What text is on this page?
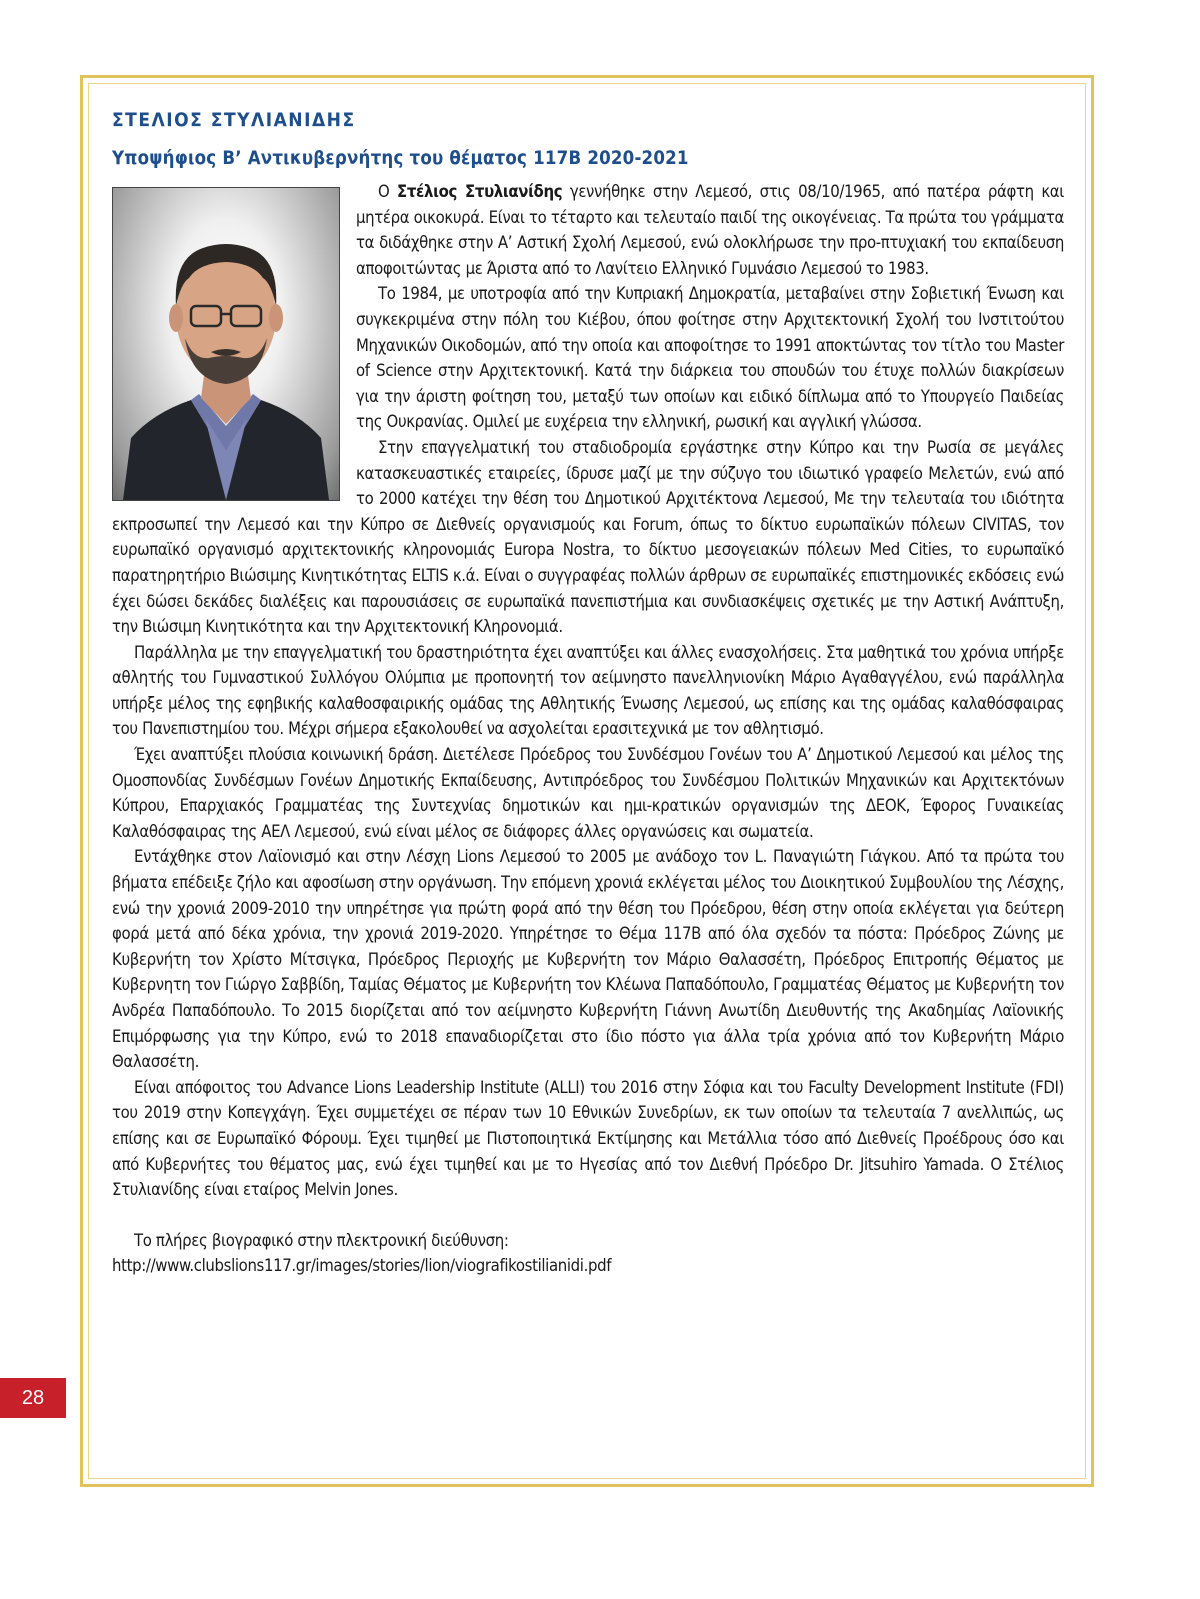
ΣΤΕΛΙΟΣ ΣΤΥΛΙΑΝΙΔΗΣ
Υποψήφιος Β’ Αντικυβερνήτης του θέματος 117Β 2020-2021

Ο Στέλιος Στυλιανίδης γεννήθηκε στην Λεμεσό, στις 08/10/1965, από πατέρα ράφτη και μητέρα οικοκυρά. Είναι το τέταρτο και τελευταίο παιδί της οικογένειας. Τα πρώτα του γράμματα τα διδάχθηκε στην Α’ Αστική Σχολή Λεμεσού, ενώ ολοκλήρωσε την προ-πτυχιακή του εκπαίδευση αποφοιτώντας με Άριστα από το Λανίτειο Ελληνικό Γυμνάσιο Λεμεσού το 1983.

Το 1984, με υποτροφία από την Κυπριακή Δημοκρατία, μεταβαίνει στην Σοβιετική Ένωση και συγκεκριμένα στην πόλη του Κιέβου, όπου φοίτησε στην Αρχιτεκτονική Σχολή του Ινστιτούτου Μηχανικών Οικοδομών, από την οποία και αποφοίτησε το 1991 αποκτώντας τον τίτλο του Master of Science στην Αρχιτεκτονική. Κατά την διάρκεια του σπουδών του έτυχε πολλών διακρίσεων για την άριστη φοίτηση του, μεταξύ των οποίων και ειδικό δίπλωμα από το Υπουργείο Παιδείας της Ουκρανίας. Ομιλεί με ευχέρεια την ελληνική, ρωσική και αγγλική γλώσσα.

Στην επαγγελματική του σταδιοδρομία εργάστηκε στην Κύπρο και την Ρωσία σε μεγάλες κατασκευαστικές εταιρείες, ίδρυσε μαζί με την σύζυγο του ιδιωτικό γραφείο Μελετών, ενώ από το 2000 κατέχει την θέση του Δημοτικού Αρχιτέκτονα Λεμεσού, Με την τελευταία του ιδιότητα εκπροσωπεί την Λεμεσό και την Κύπρο σε Διεθνείς οργανισμούς και Forum, όπως το δίκτυο ευρωπαϊκών πόλεων CIVITAS, τον ευρωπαϊκό οργανισμό αρχιτεκτονικής κληρονομιάς Europa Nostra, το δίκτυο μεσογειακών πόλεων Med Cities, το ευρωπαϊκό παρατηρητήριο Βιώσιμης Κινητικότητας ELTIS κ.ά. Είναι ο συγγραφέας πολλών άρθρων σε ευρωπαϊκές επιστημονικές εκδόσεις ενώ έχει δώσει δεκάδες διαλέξεις και παρουσιάσεις σε ευρωπαϊκά πανεπιστήμια και συνδιασκέψεις σχετικές με την Αστική Ανάπτυξη, την Βιώσιμη Κινητικότητα και την Αρχιτεκτονική Κληρονομιά.

Παράλληλα με την επαγγελματική του δραστηριότητα έχει αναπτύξει και άλλες ενασχολήσεις. Στα μαθητικά του χρόνια υπήρξε αθλητής του Γυμναστικού Συλλόγου Ολύμπια με προπονητή τον αείμνηστο πανελληνιονίκη Μάριο Αγαθαγγέλου, ενώ παράλληλα υπήρξε μέλος της εφηβικής καλαθοσφαιρικής ομάδας της Αθλητικής Ένωσης Λεμεσού, ως επίσης και της ομάδας καλαθόσφαιρας του Πανεπιστημίου του. Μέχρι σήμερα εξακολουθεί να ασχολείται ερασιτεχνικά με τον αθλητισμό.

Έχει αναπτύξει πλούσια κοινωνική δράση. Διετέλεσε Πρόεδρος του Συνδέσμου Γονέων του Α’ Δημοτικού Λεμεσού και μέλος της Ομοσπονδίας Συνδέσμων Γονέων Δημοτικής Εκπαίδευσης, Αντιπρόεδρος του Συνδέσμου Πολιτικών Μηχανικών και Αρχιτεκτόνων Κύπρου, Επαρχιακός Γραμματέας της Συντεχνίας δημοτικών και ημι-κρατικών οργανισμών της ΔΕΟΚ, Έφορος Γυναικείας Καλαθόσφαιρας της ΑΕΛ Λεμεσού, ενώ είναι μέλος σε διάφορες άλλες οργανώσεις και σωματεία.

Εντάχθηκε στον Λαϊονισμό και στην Λέσχη Lions Λεμεσού το 2005 με ανάδοχο τον L. Παναγιώτη Γιάγκου. Από τα πρώτα του βήματα επέδειξε ζήλο και αφοσίωση στην οργάνωση. Την επόμενη χρονιά εκλέγεται μέλος του Διοικητικού Συμβουλίου της Λέσχης, ενώ την χρονιά 2009-2010 την υπηρέτησε για πρώτη φορά από την θέση του Πρόεδρου, θέση στην οποία εκλέγεται για δεύτερη φορά μετά από δέκα χρόνια, την χρονιά 2019-2020. Υπηρέτησε το Θέμα 117Β από όλα σχεδόν τα πόστα: Πρόεδρος Ζώνης με Κυβερνήτη τον Χρίστο Μίτσιγκα, Πρόεδρος Περιοχής με Κυβερνήτη τον Μάριο Θαλασσέτη, Πρόεδρος Επιτροπής Θέματος με Κυβερνητη τον Γιώργο Σαββίδη, Ταμίας Θέματος με Κυβερνήτη τον Κλέωνα Παπαδόπουλο, Γραμματέας Θέματος με Κυβερνήτη τον Ανδρέα Παπαδόπουλο. Το 2015 διορίζεται από τον αείμνηστο Κυβερνήτη Γιάννη Ανωτίδη Διευθυντής της Ακαδημίας Λαϊονικής Επιμόρφωσης για την Κύπρο, ενώ το 2018 επαναδιορίζεται στο ίδιο πόστο για άλλα τρία χρόνια από τον Κυβερνήτη Μάριο Θαλασσέτη.

Είναι απόφοιτος του Advance Lions Leadership Institute (ALLI) του 2016 στην Σόφια και του Faculty Development Institute (FDI) του 2019 στην Κοπεγχάγη. Έχει συμμετέχει σε πέραν των 10 Εθνικών Συνεδρίων, εκ των οποίων τα τελευταία 7 ανελλιπώς, ως επίσης και σε Ευρωπαϊκό Φόρουμ. Έχει τιμηθεί με Πιστοποιητικά Εκτίμησης και Μετάλλια τόσο από Διεθνείς Προέδρους όσο και από Κυβερνήτες του θέματος μας, ενώ έχει τιμηθεί και με το Ηγεσίας από τον Διεθνή Πρόεδρο Dr. Jitsuhiro Yamada. Ο Στέλιος Στυλιανίδης είναι εταίρος Melvin Jones.

Το πλήρες βιογραφικό στην πλεκτρονική διεύθυνση:

http://www.clubslions117.gr/images/stories/lion/viografikostilianidi.pdf

28
